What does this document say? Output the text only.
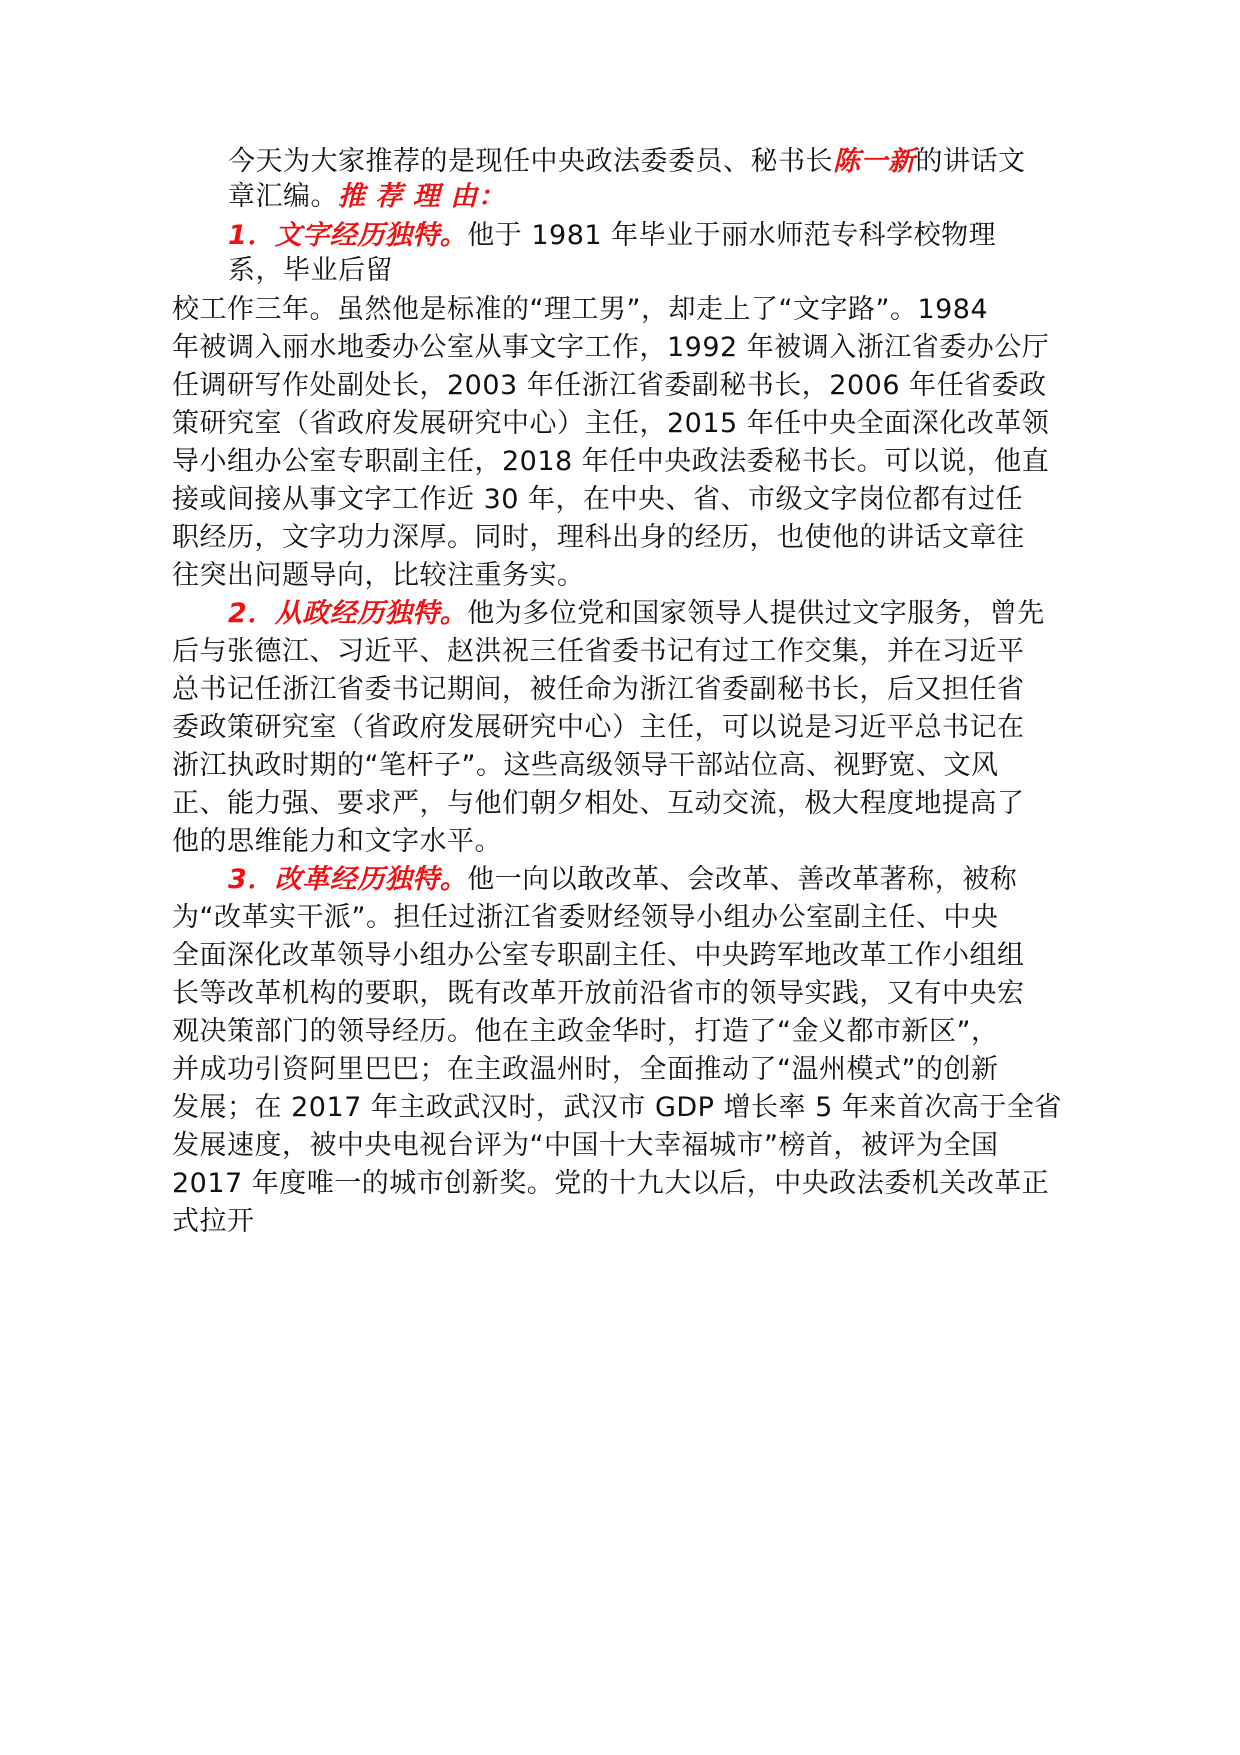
今天为大家推荐的是现任中央政法委委员、秘书长陈一新的讲话文
章汇编。推 荐 理 由：
1．文字经历独特。他于 1981 年毕业于丽水师范专科学校物理
系，毕业后留
校工作三年。虽然他是标准的“理工男”，却走上了“文字路”。1984
年被调入丽水地委办公室从事文字工作，1992 年被调入浙江省委办公厅
任调研写作处副处长，2003 年任浙江省委副秘书长，2006 年任省委政
策研究室（省政府发展研究中心）主任，2015 年任中央全面深化改革领
导小组办公室专职副主任，2018 年任中央政法委秘书长。可以说，他直
接或间接从事文字工作近 30 年，在中央、省、市级文字岗位都有过任
职经历，文字功力深厚。同时，理科出身的经历，也使他的讲话文章往
往突出问题导向，比较注重务实。
2．从政经历独特。他为多位党和国家领导人提供过文字服务，曾先
后与张德江、习近平、赵洪祝三任省委书记有过工作交集，并在习近平
总书记任浙江省委书记期间，被任命为浙江省委副秘书长，后又担任省
委政策研究室（省政府发展研究中心）主任，可以说是习近平总书记在
浙江执政时期的“笔杆子”。这些高级领导干部站位高、视野宽、文风
正、能力强、要求严，与他们朝夕相处、互动交流，极大程度地提高了
他的思维能力和文字水平。
3．改革经历独特。他一向以敢改革、会改革、善改革著称，被称
为“改革实干派”。担任过浙江省委财经领导小组办公室副主任、中央
全面深化改革领导小组办公室专职副主任、中央跨军地改革工作小组组
长等改革机构的要职，既有改革开放前沿省市的领导实践，又有中央宏
观决策部门的领导经历。他在主政金华时，打造了“金义都市新区”，
并成功引资阿里巴巴；在主政温州时，全面推动了“温州模式”的创新
发展；在 2017 年主政武汉时，武汉市 GDP 增长率 5 年来首次高于全省
发展速度，被中央电视台评为“中国十大幸福城市”榜首，被评为全国
2017 年度唯一的城市创新奖。党的十九大以后，中央政法委机关改革正
式拉开
